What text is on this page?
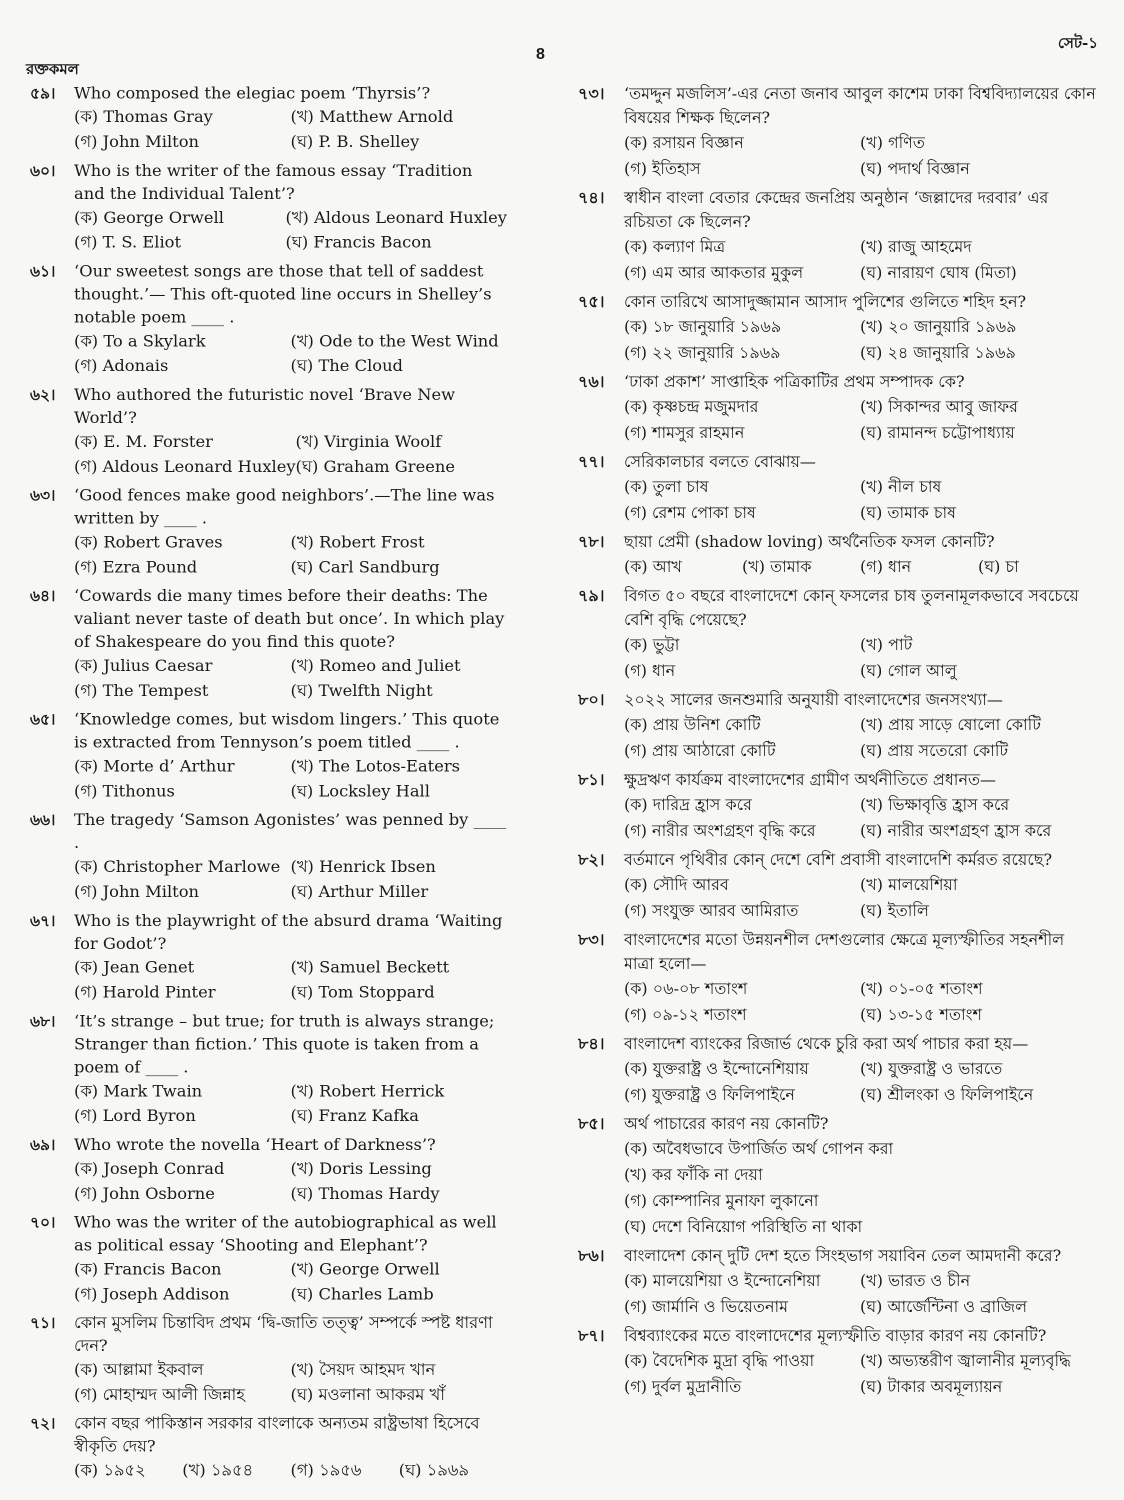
রক্তকমল
8
সেট-১
৫৯।	Who composed the elegiac poem ‘Thyrsis’?
(ক) Thomas Gray	(খ) Matthew Arnold
(গ) John Milton	(ঘ) P. B. Shelley
৬০।	Who is the writer of the famous essay ‘Tradition and the Individual Talent’?
(ক) George Orwell	(খ) Aldous Leonard Huxley
(গ) T. S. Eliot	(ঘ) Francis Bacon
৬১।	‘Our sweetest songs are those that tell of saddest thought.’— This oft-quoted line occurs in Shelley’s notable poem ____ .
(ক) To a Skylark	(খ) Ode to the West Wind
(গ) Adonais	(ঘ) The Cloud
৬২।	Who authored the futuristic novel ‘Brave New World’?
(ক) E. M. Forster	(খ) Virginia Woolf
(গ) Aldous Leonard Huxley (ঘ) Graham Greene
৬৩।	‘Good fences make good neighbors’.—The line was written by ____ .
(ক) Robert Graves	(খ) Robert Frost
(গ) Ezra Pound	(ঘ) Carl Sandburg
৬৪।	‘Cowards die many times before their deaths: The valiant never taste of death but once’. In which play of Shakespeare do you find this quote?
(ক) Julius Caesar	(খ) Romeo and Juliet
(গ) The Tempest	(ঘ) Twelfth Night
৬৫।	‘Knowledge comes, but wisdom lingers.’ This quote is extracted from Tennyson’s poem titled ____ .
(ক) Morte d’ Arthur	(খ) The Lotos-Eaters
(গ) Tithonus	(ঘ) Locksley Hall
৬৬।	The tragedy ‘Samson Agonistes’ was penned by ____ .
(ক) Christopher Marlowe (খ) Henrick Ibsen
(গ) John Milton	(ঘ) Arthur Miller
৬৭।	Who is the playwright of the absurd drama ‘Waiting for Godot’?
(ক) Jean Genet	(খ) Samuel Beckett
(গ) Harold Pinter	(ঘ) Tom Stoppard
৬৮।	‘It’s strange – but true; for truth is always strange; Stranger than fiction.’ This quote is taken from a poem of ____ .
(ক) Mark Twain	(খ) Robert Herrick
(গ) Lord Byron	(ঘ) Franz Kafka
৬৯।	Who wrote the novella ‘Heart of Darkness’?
(ক) Joseph Conrad	(খ) Doris Lessing
(গ) John Osborne	(ঘ) Thomas Hardy
৭০।	Who was the writer of the autobiographical as well as political essay ‘Shooting and Elephant’?
(ক) Francis Bacon	(খ) George Orwell
(গ) Joseph Addison	(ঘ) Charles Lamb
৭১।	কোন মুসলিম চিন্তাবিদ প্রথম ‘দ্বি-জাতি তত্ত্ব’ সম্পর্কে স্পষ্ট ধারণা দেন?
(ক) আল্লামা ইকবাল	(খ) সৈয়দ আহমদ খান
(গ) মোহাম্মদ আলী জিন্নাহ	(ঘ) মওলানা আকরম খাঁ
৭২।	কোন বছর পাকিস্তান সরকার বাংলাকে অন্যতম রাষ্ট্রভাষা হিসেবে স্বীকৃতি দেয়?
(ক) ১৯৫২	(খ) ১৯৫৪	(গ) ১৯৫৬	(ঘ) ১৯৬৯
৭৩।	‘তমদ্দুন মজলিস’-এর নেতা জনাব আবুল কাশেম ঢাকা বিশ্ববিদ্যালয়ের কোন বিষয়ের শিক্ষক ছিলেন?
(ক) রসায়ন বিজ্ঞান	(খ) গণিত
(গ) ইতিহাস	(ঘ) পদার্থ বিজ্ঞান
৭৪।	স্বাধীন বাংলা বেতার কেন্দ্রের জনপ্রিয় অনুষ্ঠান ‘জল্লাদের দরবার’ এর রচিয়তা কে ছিলেন?
(ক) কল্যাণ মিত্র	(খ) রাজু আহমেদ
(গ) এম আর আকতার মুকুল	(ঘ) নারায়ণ ঘোষ (মিতা)
৭৫।	কোন তারিখে আসাদুজ্জামান আসাদ পুলিশের গুলিতে শহিদ হন?
(ক) ১৮ জানুয়ারি ১৯৬৯	(খ) ২০ জানুয়ারি ১৯৬৯
(গ) ২২ জানুয়ারি ১৯৬৯	(ঘ) ২৪ জানুয়ারি ১৯৬৯
৭৬।	‘ঢাকা প্রকাশ’ সাপ্তাহিক পত্রিকাটির প্রথম সম্পাদক কে?
(ক) কৃষ্ণচন্দ্র মজুমদার	(খ) সিকান্দর আবু জাফর
(গ) শামসুর রাহমান	(ঘ) রামানন্দ চট্টোপাধ্যায়
৭৭।	সেরিকালচার বলতে বোঝায়—
(ক) তুলা চাষ	(খ) নীল চাষ
(গ) রেশম পোকা চাষ	(ঘ) তামাক চাষ
৭৮।	ছায়া প্রেমী (shadow loving) অর্থনৈতিক ফসল কোনটি?
(ক) আখ	(খ) তামাক	(গ) ধান	(ঘ) চা
৭৯।	বিগত ৫০ বছরে বাংলাদেশে কোন্ ফসলের চাষ তুলনামূলকভাবে সবচেয়ে বেশি বৃদ্ধি পেয়েছে?
(ক) ভুট্টা	(খ) পাট
(গ) ধান	(ঘ) গোল আলু
৮০।	২০২২ সালের জনশুমারি অনুযায়ী বাংলাদেশের জনসংখ্যা—
(ক) প্রায় উনিশ কোটি	(খ) প্রায় সাড়ে ষোলো কোটি
(গ) প্রায় আঠারো কোটি	(ঘ) প্রায় সতেরো কোটি
৮১।	ক্ষুদ্রঋণ কার্যক্রম বাংলাদেশের গ্রামীণ অর্থনীতিতে প্রধানত—
(ক) দারিদ্র হ্রাস করে	(খ) ভিক্ষাবৃত্তি হ্রাস করে
(গ) নারীর অংশগ্রহণ বৃদ্ধি করে	(ঘ) নারীর অংশগ্রহণ হ্রাস করে
৮২।	বর্তমানে পৃথিবীর কোন্ দেশে বেশি প্রবাসী বাংলাদেশি কর্মরত রয়েছে?
(ক) সৌদি আরব	(খ) মালয়েশিয়া
(গ) সংযুক্ত আরব আমিরাত	(ঘ) ইতালি
৮৩।	বাংলাদেশের মতো উন্নয়নশীল দেশগুলোর ক্ষেত্রে মূল্যস্ফীতির সহনশীল মাত্রা হলো—
(ক) ০৬-০৮ শতাংশ	(খ) ০১-০৫ শতাংশ
(গ) ০৯-১২ শতাংশ	(ঘ) ১৩-১৫ শতাংশ
৮৪।	বাংলাদেশ ব্যাংকের রিজার্ভ থেকে চুরি করা অর্থ পাচার করা হয়—
(ক) যুক্তরাষ্ট্র ও ইন্দোনেশিয়ায়	(খ) যুক্তরাষ্ট্র ও ভারতে
(গ) যুক্তরাষ্ট্র ও ফিলিপাইনে	(ঘ) শ্রীলংকা ও ফিলিপাইনে
৮৫।	অর্থ পাচারের কারণ নয় কোনটি?
(ক) অবৈধভাবে উপার্জিত অর্থ গোপন করা
(খ) কর ফাঁকি না দেয়া
(গ) কোম্পানির মুনাফা লুকানো
(ঘ) দেশে বিনিয়োগ পরিস্থিতি না থাকা
৮৬।	বাংলাদেশ কোন্ দুটি দেশ হতে সিংহভাগ সয়াবিন তেল আমদানী করে?
(ক) মালয়েশিয়া ও ইন্দোনেশিয়া	(খ) ভারত ও চীন
(গ) জার্মানি ও ভিয়েতনাম	(ঘ) আর্জেন্টিনা ও ব্রাজিল
৮৭।	বিশ্বব্যাংকের মতে বাংলাদেশের মূল্যস্ফীতি বাড়ার কারণ নয় কোনটি?
(ক) বৈদেশিক মুদ্রা বৃদ্ধি পাওয়া	(খ) অভ্যন্তরীণ জ্বালানীর মূল্যবৃদ্ধি
(গ) দুর্বল মুদ্রানীতি	(ঘ) টাকার অবমূল্যায়ন
